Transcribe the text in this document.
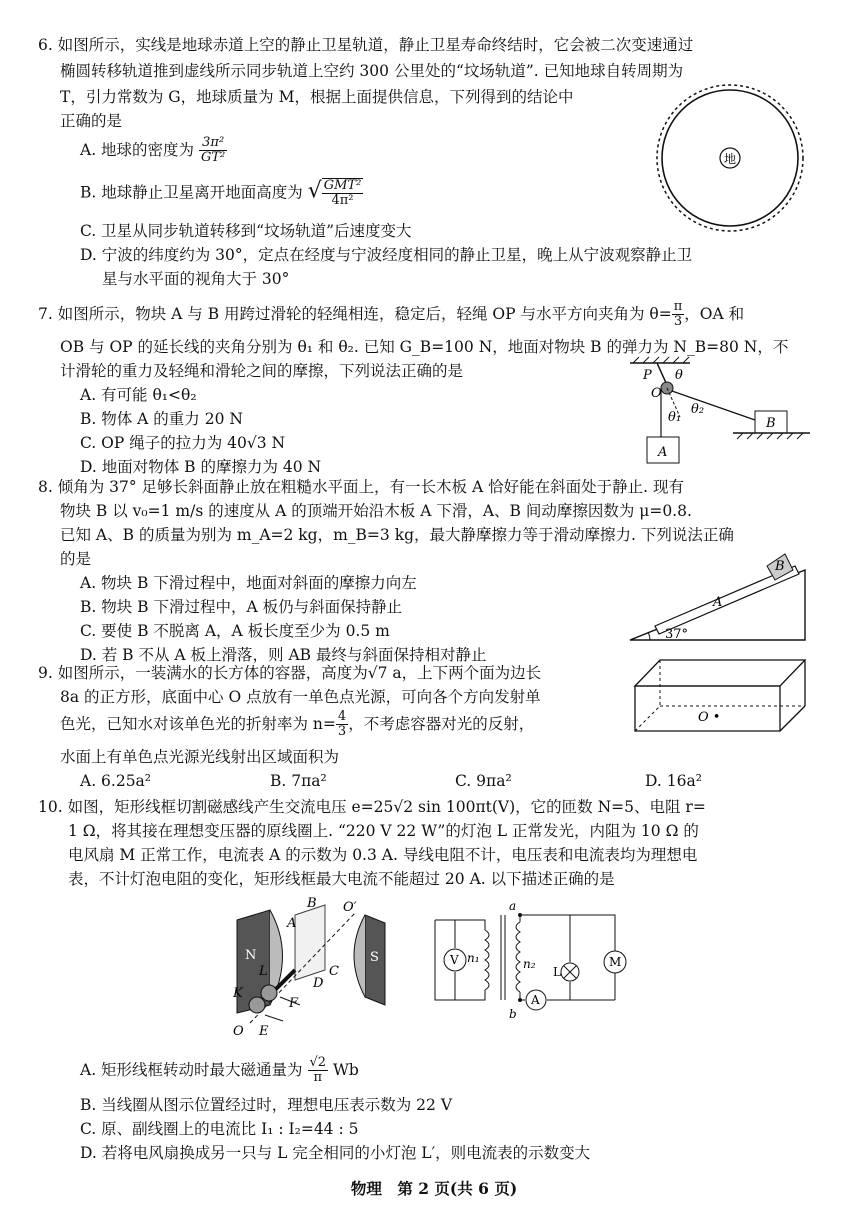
6. 如图所示，实线是地球赤道上空的静止卫星轨道，静止卫星寿命终结时，它会被二次变速通过
椭圆转移轨道推到虚线所示同步轨道上空约 300 公里处的“坟场轨道”. 已知地球自转周期为
T，引力常数为 G，地球质量为 M，根据上面提供信息，下列得到的结论中
正确的是
A. 地球的密度为 $\frac{\text{3π²}}{\text{GT²}}$
B. 地球静止卫星离开地面高度为 √ $\frac{\text{GMT²}}{\text{4π²}}$
C. 卫星从同步轨道转移到“坟场轨道”后速度变大
D. 宁波的纬度约为 30°，定点在经度与宁波经度相同的静止卫星，晚上从宁波观察静止卫
星与水平面的视角大于 30°
地
7. 如图所示，物块 A 与 B 用跨过滑轮的轻绳相连，稳定后，轻绳 OP 与水平方向夹角为 $\theta= \frac{\pi}{3}$ ，OA 和
OB 与 OP 的延长线的夹角分别为 θ₁ 和 θ₂. 已知 G_B=100 N，地面对物块 B 的弹力为 N_B=80 N，不
计滑轮的重力及轻绳和滑轮之间的摩擦，下列说法正确的是
A. 有可能 θ₁<θ₂
B. 物体 A 的重力 20 N
C. OP 绳子的拉力为 40√3 N
D. 地面对物体 B 的摩擦力为 40 N
P
O
θ
θ₁
θ₂
A
B
8. 倾角为 37° 足够长斜面静止放在粗糙水平面上，有一长木板 A 恰好能在斜面处于静止. 现有
物块 B 以 v₀=1 m/s 的速度从 A 的顶端开始沿木板 A 下滑，A、B 间动摩擦因数为 μ=0.8.
已知 A、B 的质量为别为 m_A=2 kg，m_B=3 kg，最大静摩擦力等于滑动摩擦力. 下列说法正确
的是
A. 物块 B 下滑过程中，地面对斜面的摩擦力向左
B. 物块 B 下滑过程中，A 板仍与斜面保持静止
C. 要使 B 不脱离 A，A 板长度至少为 0.5 m
D. 若 B 不从 A 板上滑落，则 AB 最终与斜面保持相对静止
A
B
37°
9. 如图所示，一装满水的长方体的容器，高度为√7 a，上下两个面为边长
8a 的正方形，底面中心 O 点放有一单色点光源，可向各个方向发射单
色光，已知水对该单色光的折射率为 $n= \frac{4}{3}$ ，不考虑容器对光的反射，
水面上有单色点光源光线射出区域面积为
A. 6.25a²	B. 7πa²	C. 9πa²	D. 16a²
O •
10. 如图，矩形线框切割磁感线产生交流电压 e=25√2 sin 100πt(V)，它的匝数 N=5、电阻 r=
1 Ω，将其接在理想变压器的原线圈上. “220 V 22 W”的灯泡 L 正常发光，内阻为 10 Ω 的
电风扇 M 正常工作，电流表 A 的示数为 0.3 A. 导线电阻不计，电压表和电流表均为理想电
表，不计灯泡电阻的变化，矩形线框最大电流不能超过 20 A. 以下描述正确的是
N	S
A
B
C
D
E
F
K
L
O
O′	a
b
V n₁	n₂
A
L
M
A. 矩形线框转动时最大磁通量为 $\frac{√2}{\pi}$ Wb
B. 当线圈从图示位置经过时，理想电压表示数为 22 V
C. 原、副线圈上的电流比 I₁ : I₂=44 : 5
D. 若将电风扇换成另一只与 L 完全相同的小灯泡 L′，则电流表的示数变大
物理　第 2 页(共 6 页)
